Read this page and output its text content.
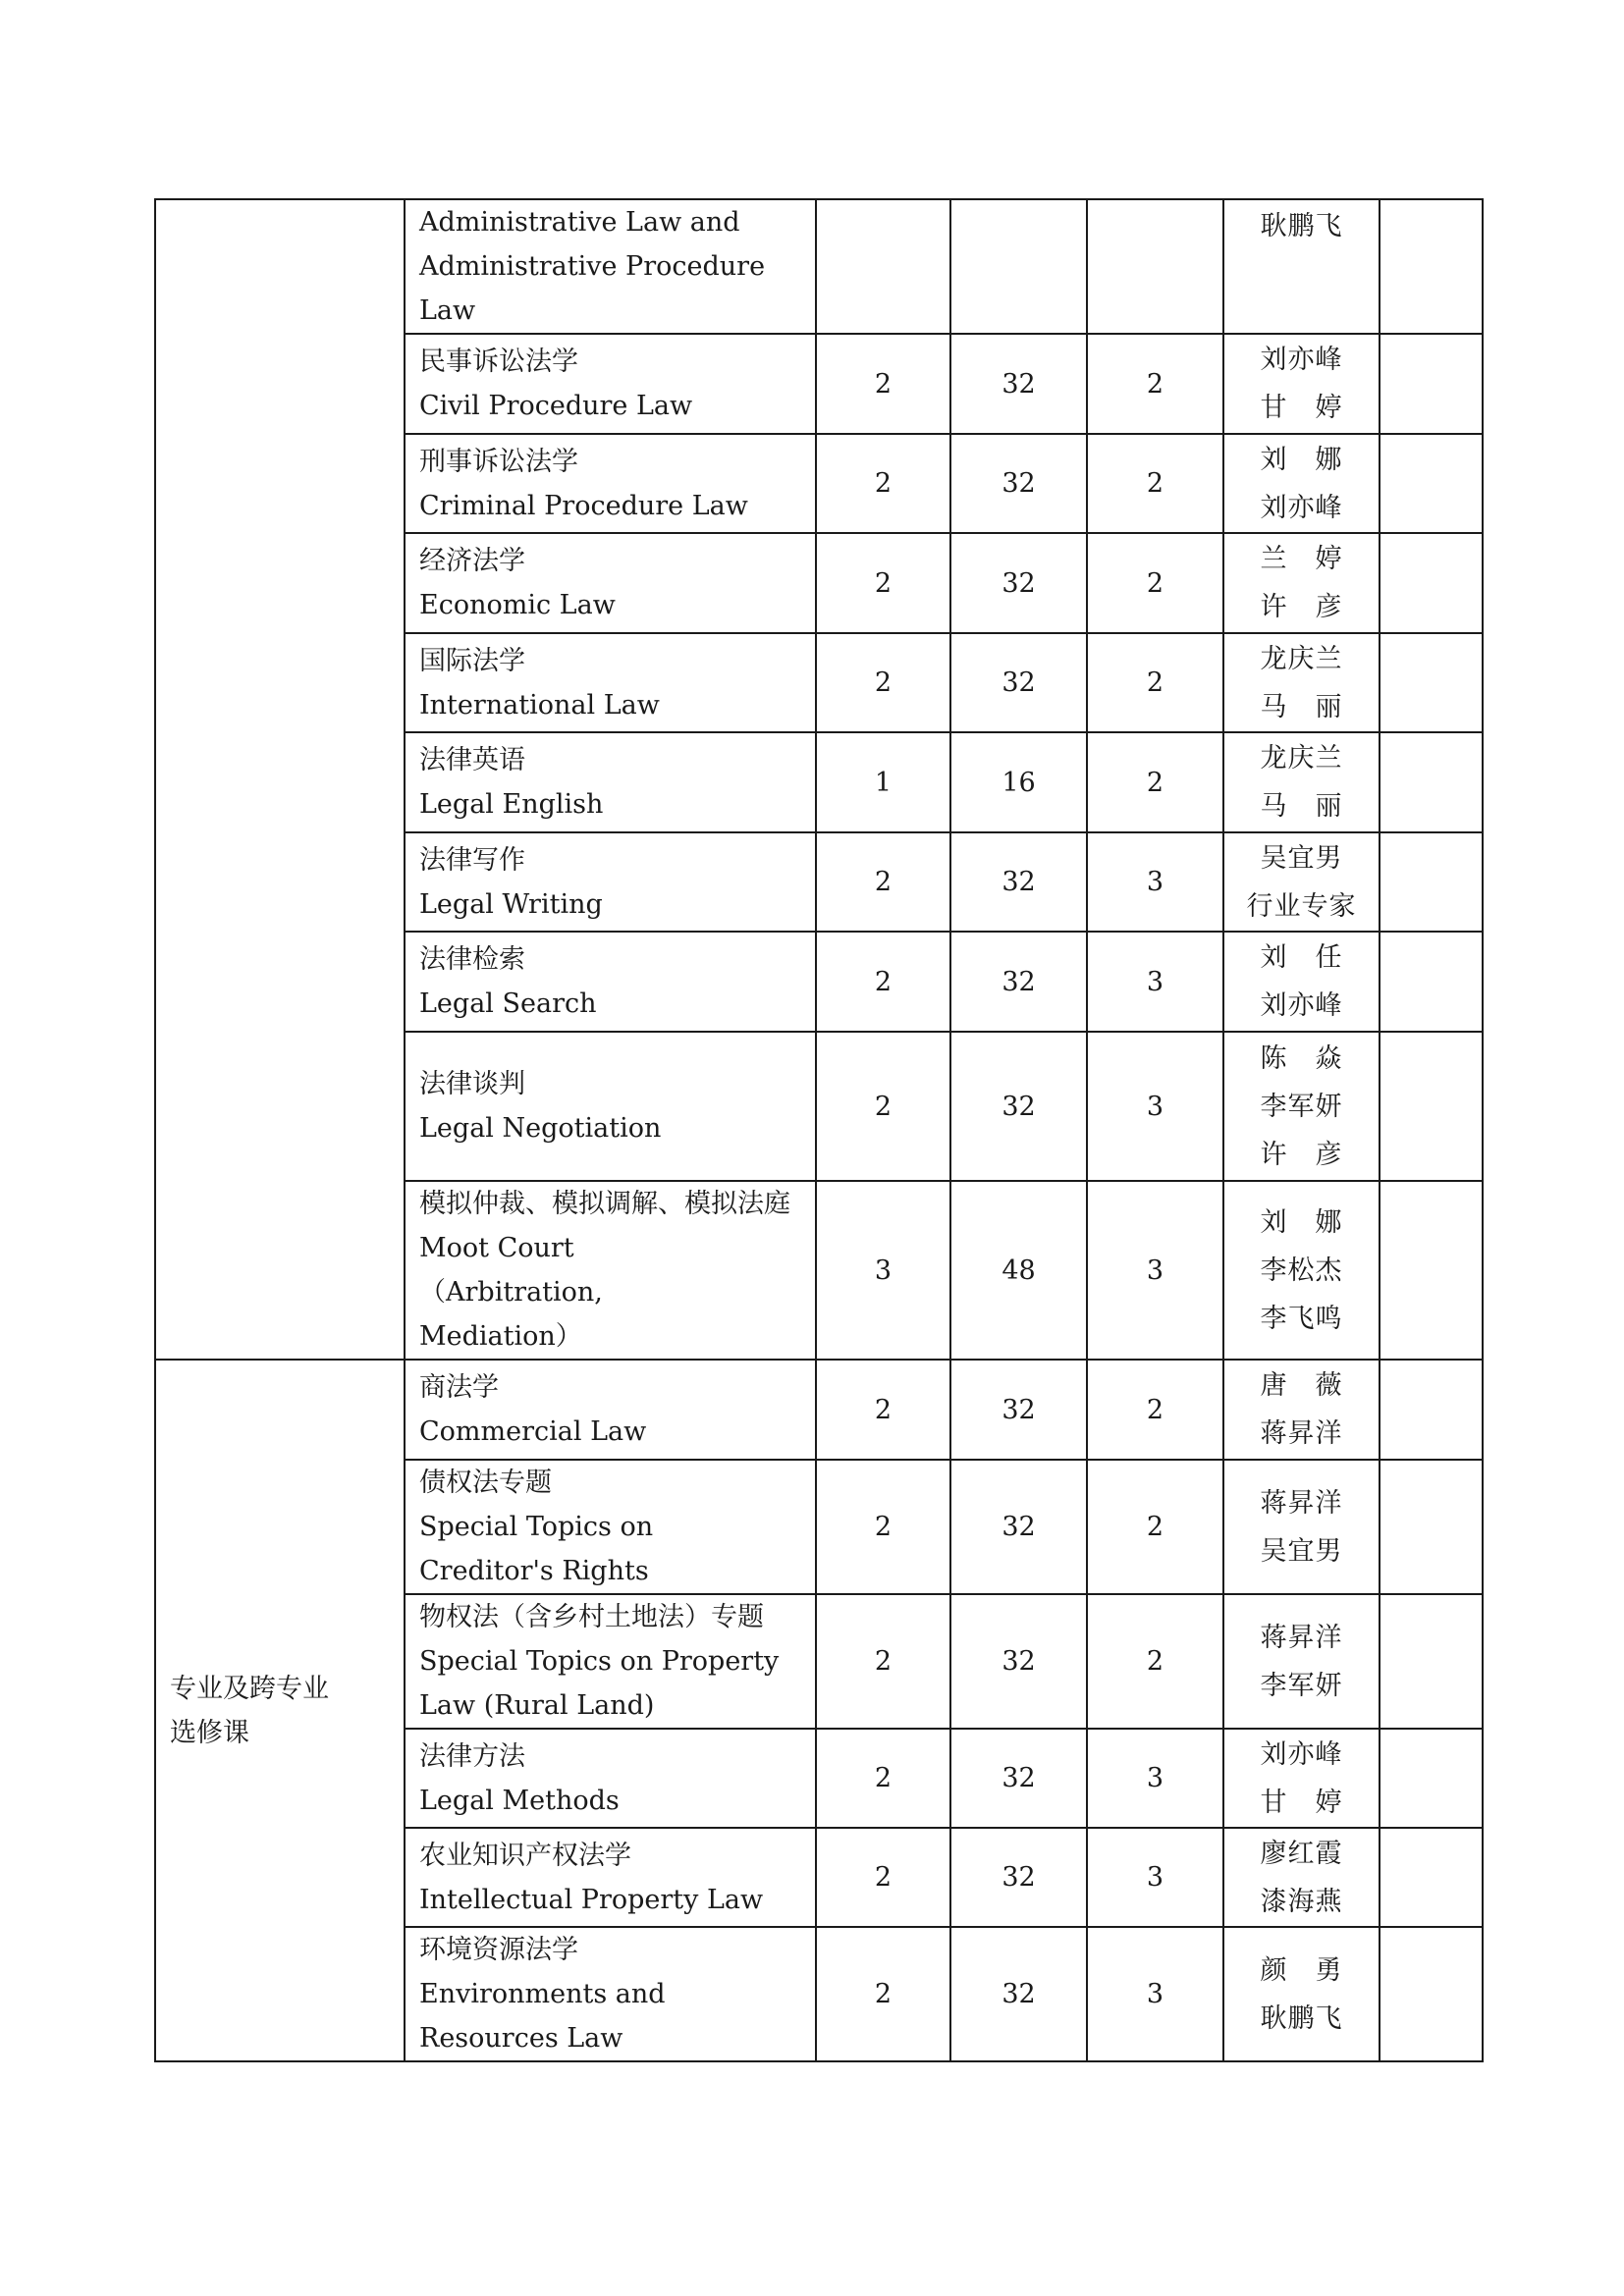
	Administrative Law and Administrative Procedure Law				耿鹏飞	

	民事诉讼法学
Civil Procedure Law	2	32	2	刘亦峰
甘　婷	

	刑事诉讼法学
Criminal Procedure Law	2	32	2	刘　娜
刘亦峰	

	经济法学
Economic Law	2	32	2	兰　婷
许　彦	

	国际法学
International Law	2	32	2	龙庆兰
马　丽	

	法律英语
Legal English	1	16	2	龙庆兰
马　丽	

	法律写作
Legal Writing	2	32	3	吴宜男
行业专家	

	法律检索
Legal Search	2	32	3	刘　任
刘亦峰	

	法律谈判
Legal Negotiation	2	32	3	陈　焱
李军妍
许　彦	

	模拟仲裁、模拟调解、模拟法庭
Moot Court（Arbitration, Mediation）	3	48	3	刘　娜
李松杰
李飞鸣	

专业及跨专业选修课	商法学
Commercial Law	2	32	2	唐　薇
蒋昇洋	

	债权法专题
Special Topics on Creditor's Rights	2	32	2	蒋昇洋
吴宜男	

	物权法（含乡村土地法）专题
Special Topics on Property Law (Rural Land)	2	32	2	蒋昇洋
李军妍	

	法律方法
Legal Methods	2	32	3	刘亦峰
甘　婷	

	农业知识产权法学
Intellectual Property Law	2	32	3	廖红霞
漆海燕	

	环境资源法学
Environments and Resources Law	2	32	3	颜　勇
耿鹏飞	
